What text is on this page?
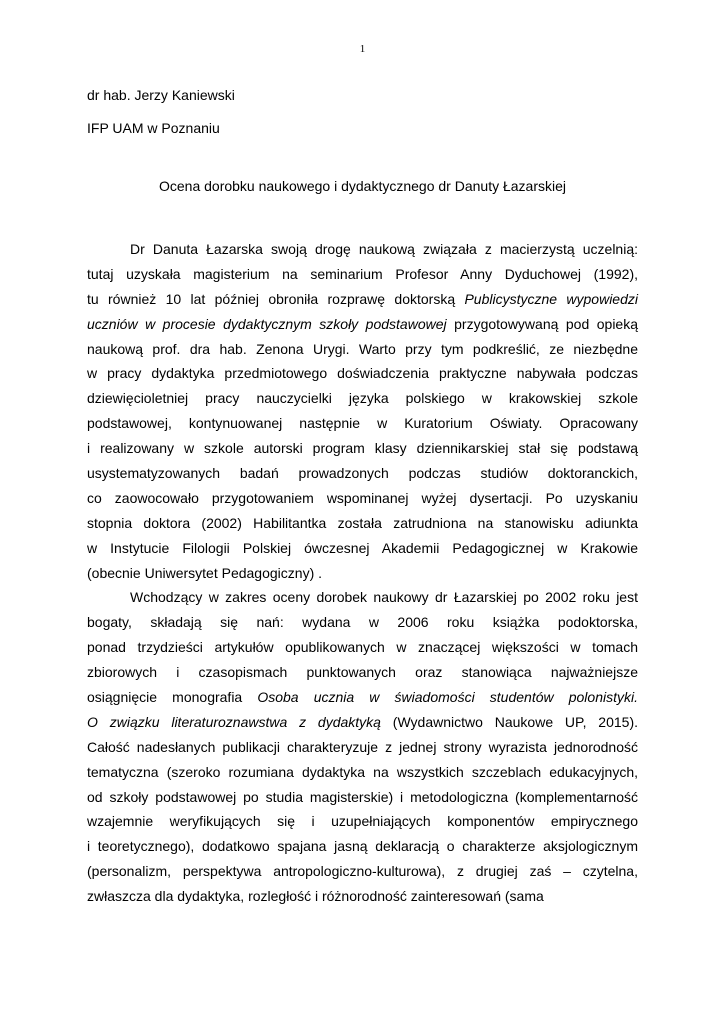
1
dr hab. Jerzy Kaniewski
IFP UAM w Poznaniu
Ocena dorobku naukowego i dydaktycznego dr Danuty Łazarskiej
Dr Danuta Łazarska swoją drogę naukową związała z macierzystą uczelnią:
tutaj uzyskała magisterium na seminarium Profesor Anny Dyduchowej (1992),
tu również 10 lat później obroniła rozprawę doktorską Publicystyczne wypowiedzi
uczniów w procesie dydaktycznym szkoły podstawowej przygotowywaną pod opieką
naukową prof. dra hab. Zenona Urygi. Warto przy tym podkreślić, ze niezbędne
w pracy dydaktyka przedmiotowego doświadczenia praktyczne nabywała podczas
dziewięcioletniej pracy nauczycielki języka polskiego w krakowskiej szkole
podstawowej, kontynuowanej następnie w Kuratorium Oświaty. Opracowany
i realizowany w szkole autorski program klasy dziennikarskiej stał się podstawą
usystematyzowanych badań prowadzonych podczas studiów doktoranckich,
co zaowocowało przygotowaniem wspominanej wyżej dysertacji. Po uzyskaniu
stopnia doktora (2002) Habilitantka została zatrudniona na stanowisku adiunkta
w Instytucie Filologii Polskiej ówczesnej Akademii Pedagogicznej w Krakowie
(obecnie Uniwersytet Pedagogiczny) .
Wchodzący w zakres oceny dorobek naukowy dr Łazarskiej po 2002 roku jest
bogaty, składają się nań: wydana w 2006 roku książka podoktorska,
ponad trzydzieści artykułów opublikowanych w znaczącej większości w tomach
zbiorowych i czasopismach punktowanych oraz stanowiąca najważniejsze
osiągnięcie monografia Osoba ucznia w świadomości studentów polonistyki.
O związku literaturoznawstwa z dydaktyką (Wydawnictwo Naukowe UP, 2015).
Całość nadesłanych publikacji charakteryzuje z jednej strony wyrazista jednorodność
tematyczna (szeroko rozumiana dydaktyka na wszystkich szczeblach edukacyjnych,
od szkoły podstawowej po studia magisterskie) i metodologiczna (komplementarność
wzajemnie weryfikujących się i uzupełniających komponentów empirycznego
i teoretycznego), dodatkowo spajana jasną deklaracją o charakterze aksjologicznym
(personalizm, perspektywa antropologiczno-kulturowa), z drugiej zaś – czytelna,
zwłaszcza dla dydaktyka, rozległość i różnorodność zainteresowań (sama
